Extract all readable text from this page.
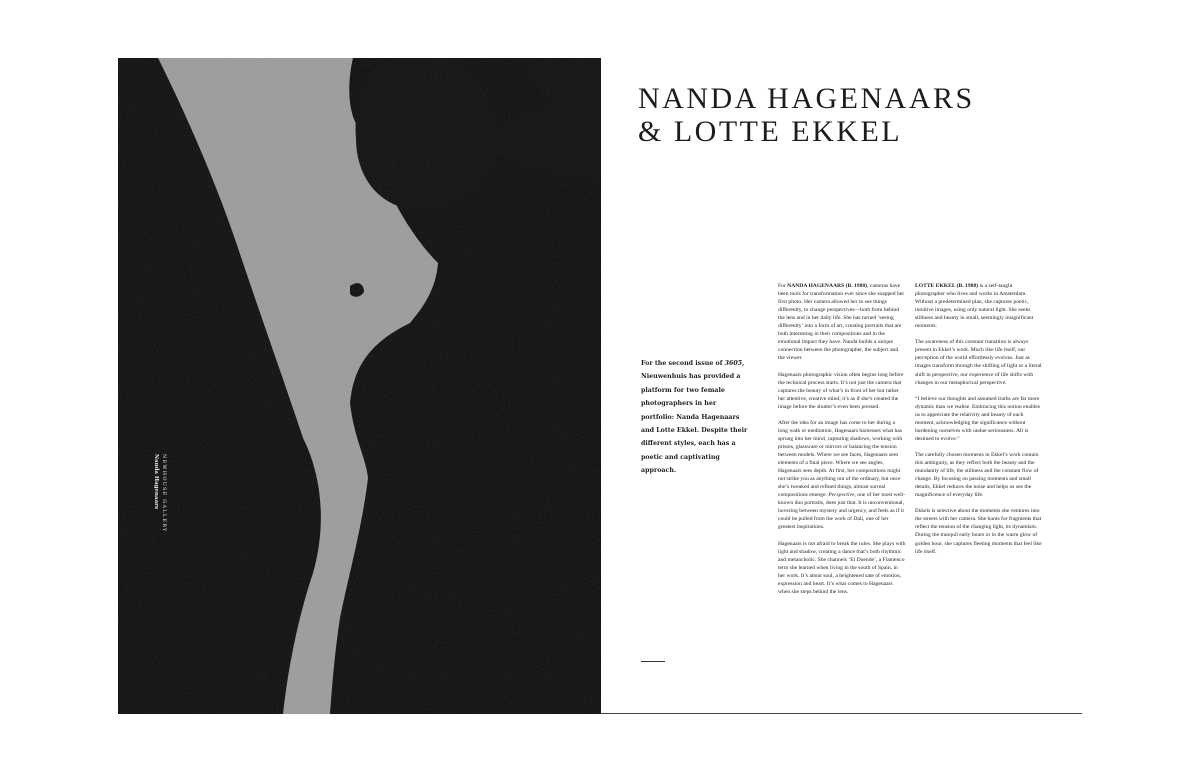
NEWHOUSE GALLERY
Nanda Hagenaars
NANDA HAGENAARS
& LOTTE EKKEL
For the second issue of 3605, Nieuwenhuis has provided a platform for two female photographers in her portfolio: Nanda Hagenaars and Lotte Ekkel. Despite their different styles, each has a poetic and captivating approach.

For NANDA HAGENAARS (B. 1988), cameras have been tools for transformation ever since she snapped her first photo. Her camera allowed her to see things differently, to change perspectives—both from behind the lens and in her daily life. She has turned ‘seeing differently’ into a form of art, creating portraits that are both interesting in their compositions and in the emotional impact they have. Nanda builds a unique connection between the photographer, the subject and the viewer.

Hagenaars photographic vision often begins long before the technical process starts. It’s not just the camera that captures the beauty of what’s in front of her but rather her attentive, creative mind; it’s as if she’s created the image before the shutter’s even been pressed.

After the idea for an image has come to her during a long walk or meditation, Hagenaars harnesses what has sprung into her mind, capturing shadows, working with prisms, glassware or mirrors or balancing the tension between models. Where we see faces, Hagenaars sees elements of a final piece. Where we see angles, Hagenaars sees depth. At first, her compositions might not strike you as anything out of the ordinary, but once she’s tweaked and refined things, almost surreal compositions emerge. Perspective, one of her most well-known duo portraits, does just that. It is unconventional, hovering between mystery and urgency, and feels as if it could be pulled from the work of Dalí, one of her greatest inspirations.

Hagenaars is not afraid to break the rules. She plays with light and shadow, creating a dance that’s both rhythmic and melancholic. She channels ‘El Duende’, a Flamenco term she learned when living in the south of Spain, in her work. It’s about soul, a heightened sate of emotion, expression and heart. It’s what comes to Hagenaars when she steps behind the lens.

LOTTE EKKEL (B. 1988) is a self-taught photographer who lives and works in Amsterdam. Without a predetermined plan, she captures poetic, intuitive images, using only natural light. She seeks stillness and beauty in small, seemingly insignificant moments.

The awareness of this constant transition is always present in Ekkel’s work. Much like life itself, our perception of the world effortlessly evolves. Just as images transform through the shifting of light or a literal shift in perspective, our experience of life shifts with changes in our metaphorical perspective.

“I believe our thoughts and assumed truths are far more dynamic than we realise. Embracing this notion enables us to appreciate the relativity and beauty of each moment, acknowledging the significance without burdening ourselves with undue seriousness. All is destined to evolve.”

The carefully chosen moments in Ekkel’s work contain this ambiguity, as they reflect both the beauty and the mundanity of life, the stillness and the constant flow of change. By focusing on passing moments and small details, Ekkel reduces the noise and helps us see the magnificence of everyday life.

Ekkels is selective about the moments she ventures into the streets with her camera. She hunts for fragments that reflect the tension of the changing light, its dynamism. During the tranquil early hours or in the warm glow of golden hour, she captures fleeting moments that feel like life itself.
